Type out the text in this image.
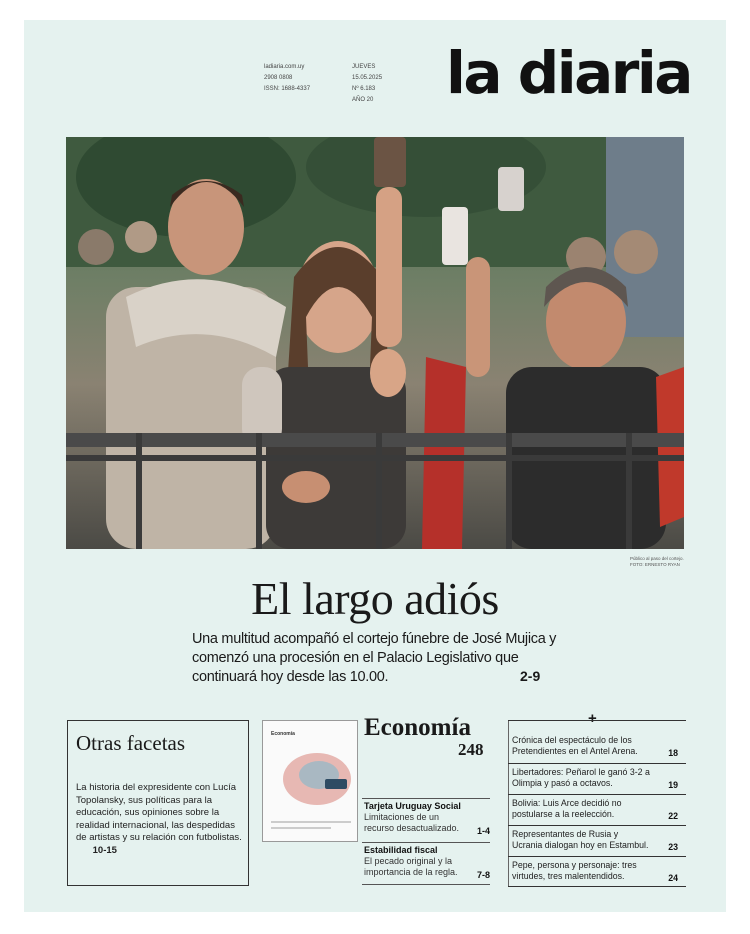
ladiaria.com.uy
2908 0808
ISSN: 1688-4337
JUEVES
15.05.2025
Nº 6.183
AÑO 20 la diaria
Público al paso del cortejo.
FOTO: ERNESTO RYAN
El largo adiós
Una multitud acompañó el cortejo fúnebre de José Mujica y comenzó una procesión en el Palacio Legislativo que continuará hoy desde las 10.00.	2-9
Otras facetas
La historia del expresidente con Lucía Topolansky, sus políticas para la educación, sus opiniones sobre la realidad internacional, las despedidas de artistas y su relación con futbolistas.  10-15
Economía	Economía
248
Tarjeta Uruguay Social
Limitaciones de un recurso desactualizado. 1-4
Estabilidad fiscal
El pecado original y la importancia de la regla.	7-8
+
Crónica del espectáculo de los Pretendientes en el Antel Arena.	18
Libertadores: Peñarol le ganó 3-2 a Olimpia y pasó a octavos.	19
Bolivia: Luis Arce decidió no postularse a la reelección.	22
Representantes de Rusia y Ucrania dialogan hoy en Estambul. 23
Pepe, persona y personaje: tres virtudes, tres malentendidos.	24
